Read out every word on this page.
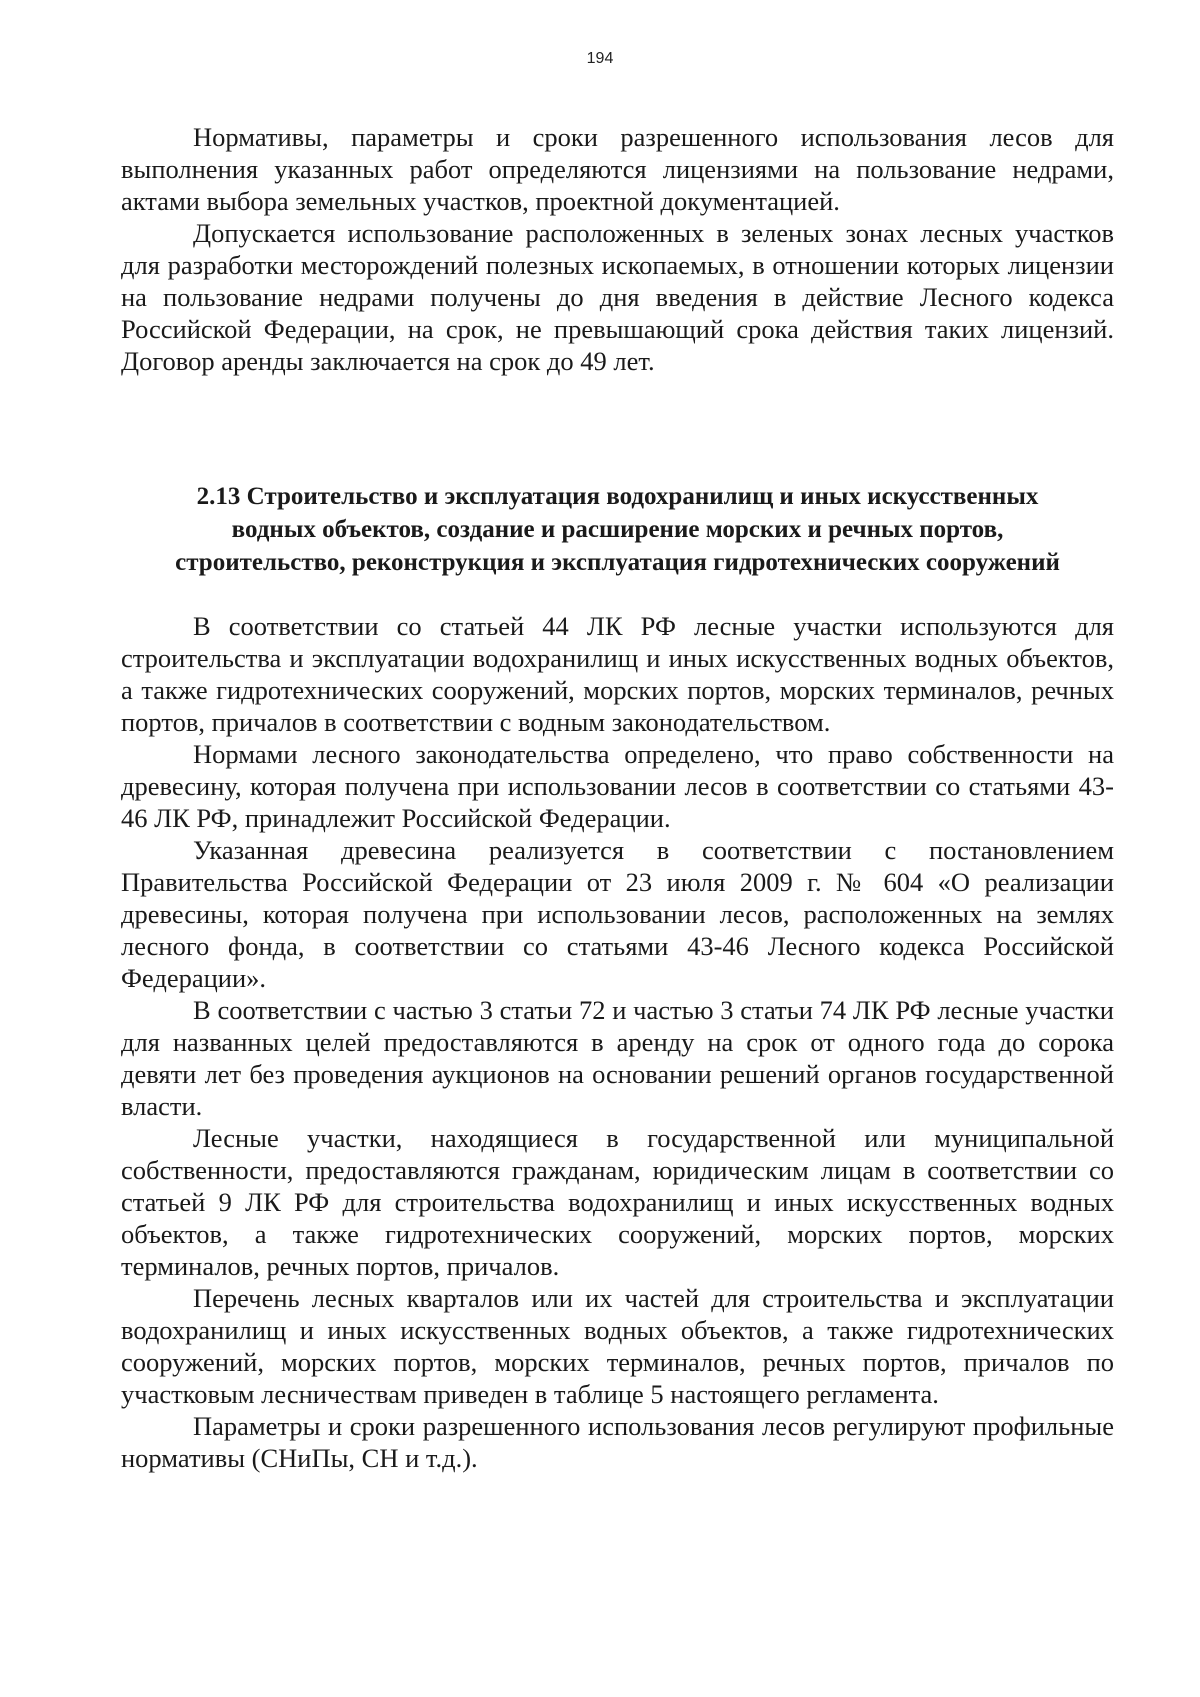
194

Нормативы, параметры и сроки разрешенного использования лесов для выполнения указанных работ определяются лицензиями на пользование недрами, актами выбора земельных участков, проектной документацией.

Допускается использование расположенных в зеленых зонах лесных участков для разработки месторождений полезных ископаемых, в отношении которых лицензии на пользование недрами получены до дня введения в действие Лесного кодекса Российской Федерации, на срок, не превышающий срока действия таких лицензий. Договор аренды заключается на срок до 49 лет.

2.13 Строительство и эксплуатация водохранилищ и иных искусственных
водных объектов, создание и расширение морских и речных портов,
строительство, реконструкция и эксплуатация гидротехнических сооружений

В соответствии со статьей 44 ЛК РФ лесные участки используются для строительства и эксплуатации водохранилищ и иных искусственных водных объектов, а также гидротехнических сооружений, морских портов, морских терминалов, речных портов, причалов в соответствии с водным законодательством.

Нормами лесного законодательства определено, что право собственности на древесину, которая получена при использовании лесов в соответствии со статьями 43-46 ЛК РФ, принадлежит Российской Федерации.

Указанная древесина реализуется в соответствии с постановлением Правительства Российской Федерации от 23 июля 2009 г. № 604 «О реализации древесины, которая получена при использовании лесов, расположенных на землях лесного фонда, в соответствии со статьями 43-46 Лесного кодекса Российской Федерации».

В соответствии с частью 3 статьи 72 и частью 3 статьи 74 ЛК РФ лесные участки для названных целей предоставляются в аренду на срок от одного года до сорока девяти лет без проведения аукционов на основании решений органов государственной власти.

Лесные участки, находящиеся в государственной или муниципальной собственности, предоставляются гражданам, юридическим лицам в соответствии со статьей 9 ЛК РФ для строительства водохранилищ и иных искусственных водных объектов, а также гидротехнических сооружений, морских портов, морских терминалов, речных портов, причалов.

Перечень лесных кварталов или их частей для строительства и эксплуатации водохранилищ и иных искусственных водных объектов, а также гидротехнических сооружений, морских портов, морских терминалов, речных портов, причалов по участковым лесничествам приведен в таблице 5 настоящего регламента.

Параметры и сроки разрешенного использования лесов регулируют профильные нормативы (СНиПы, СН и т.д.).
